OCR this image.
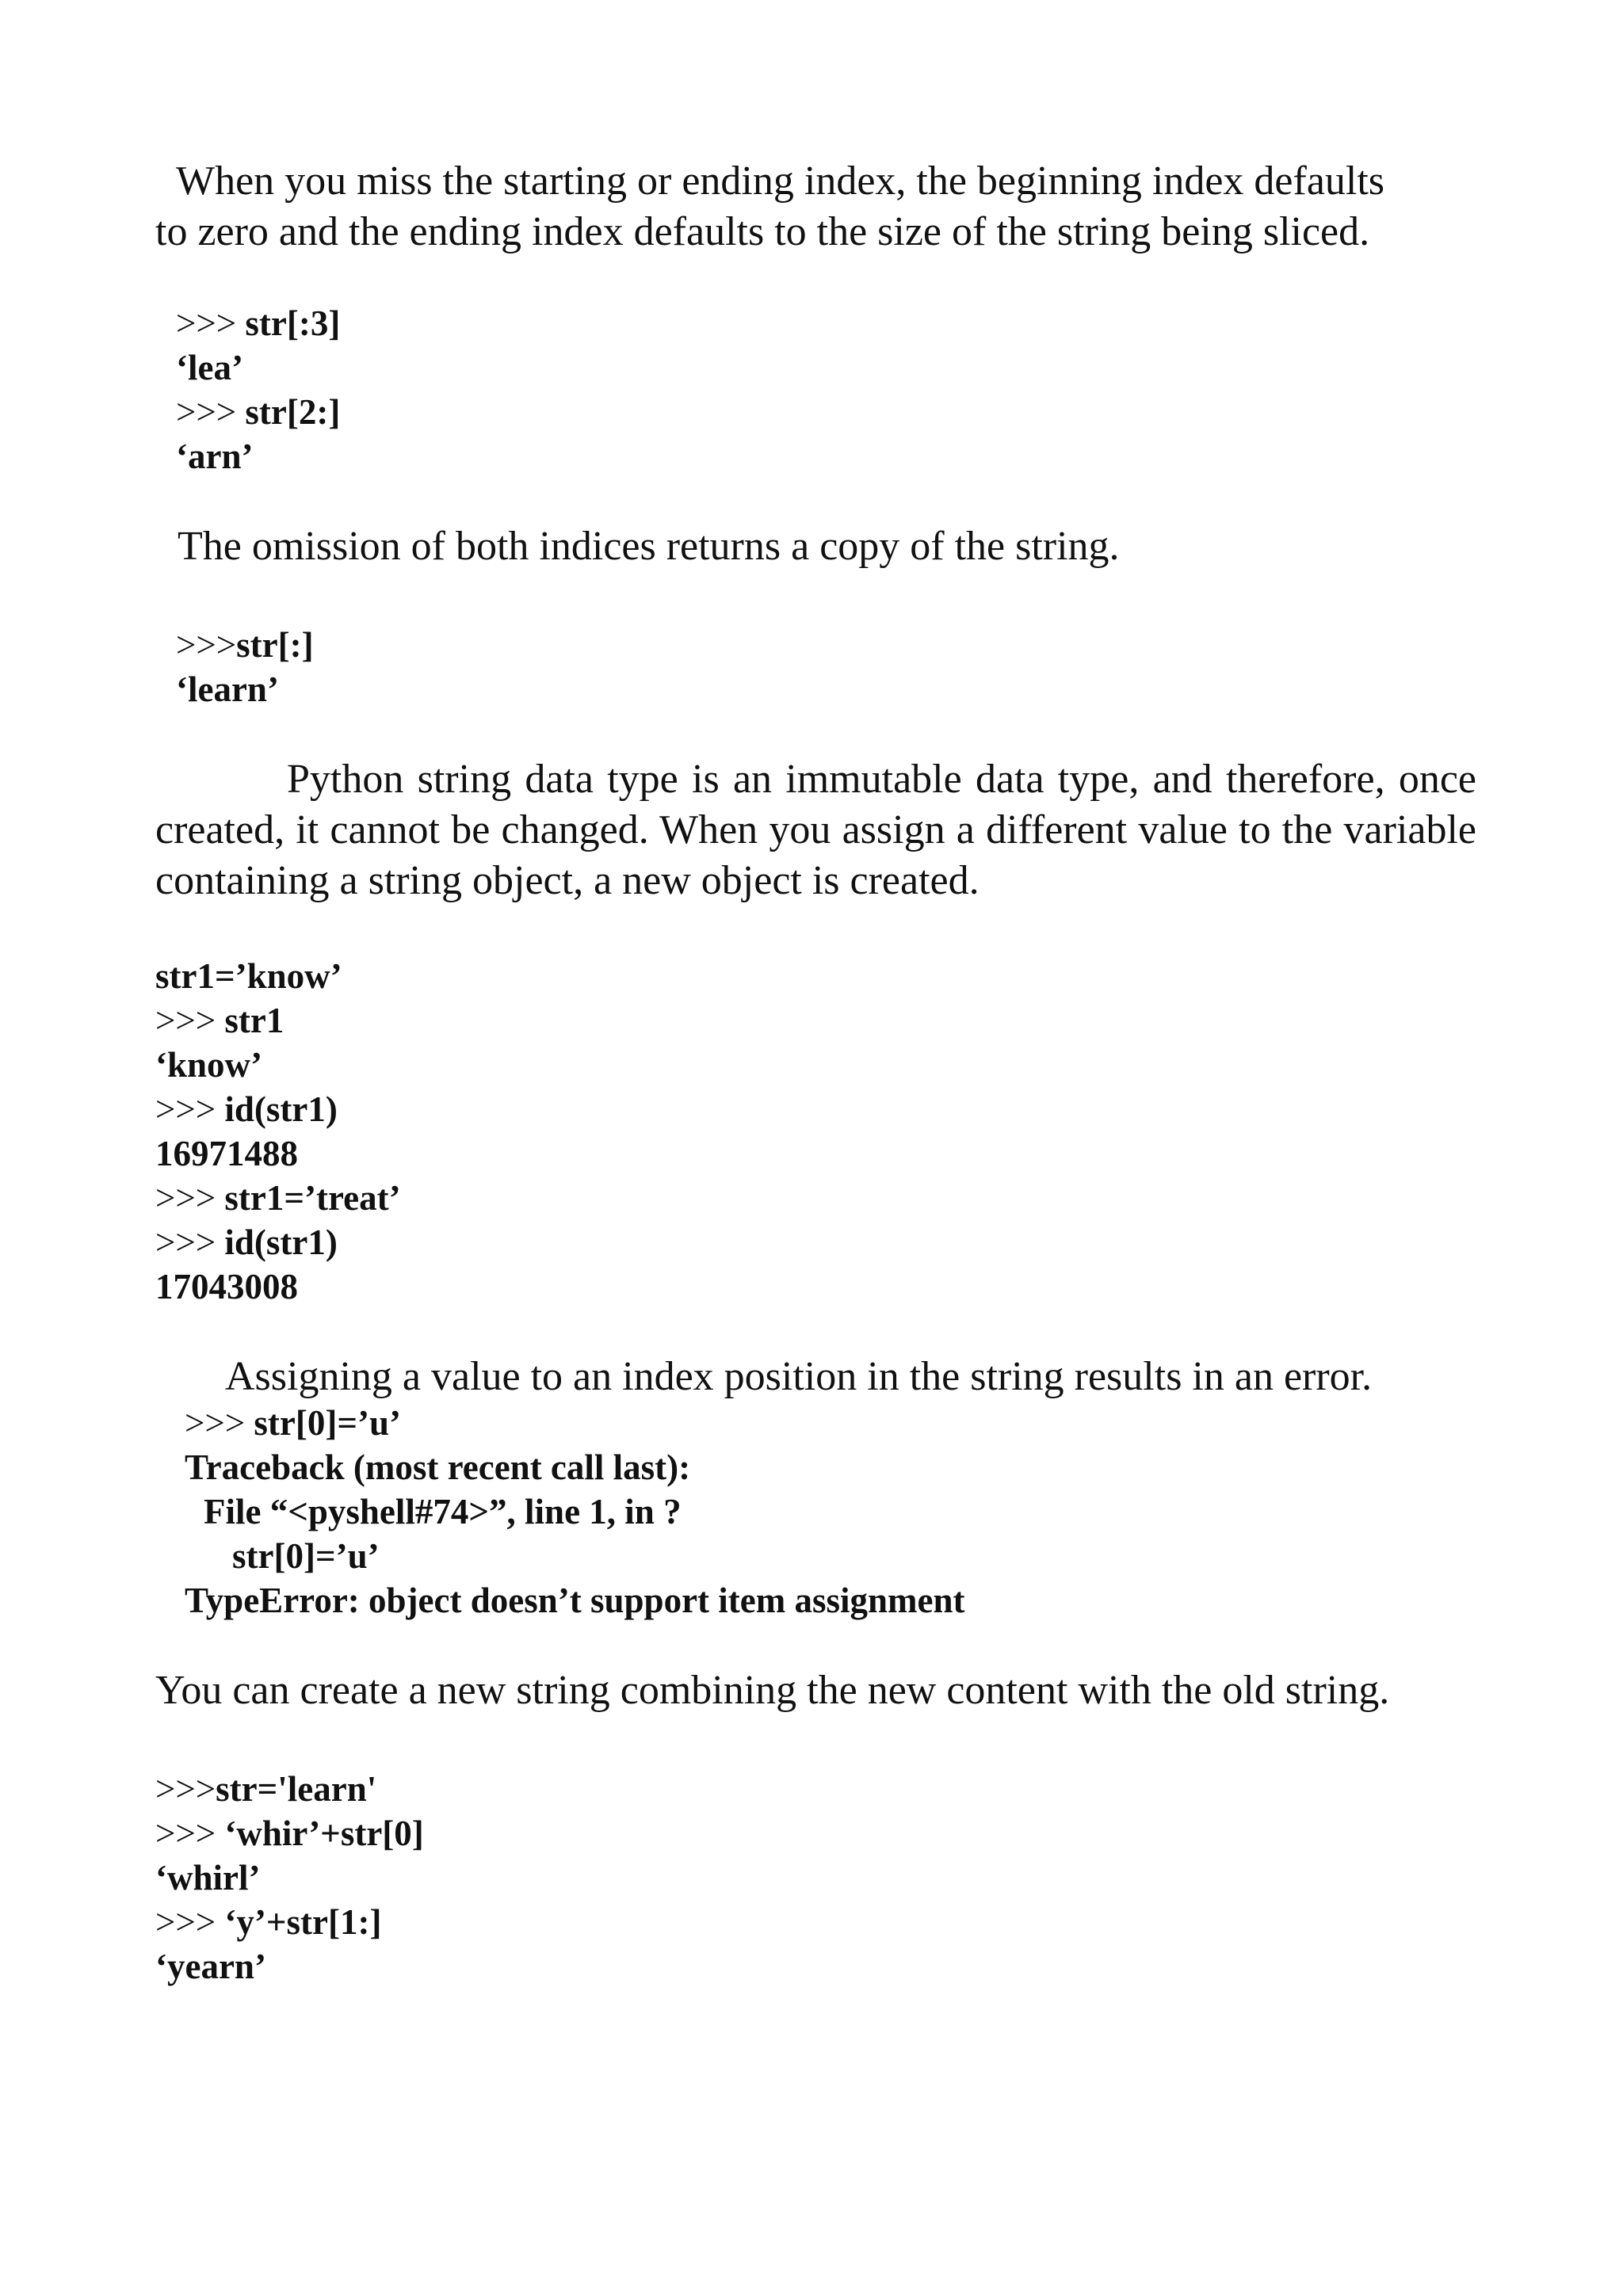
When you miss the starting or ending index, the beginning index defaults
to zero and the ending index defaults to the size of the string being sliced.
>>> str[:3]
‘lea’
>>> str[2:]
‘arn’
The omission of both indices returns a copy of the string.
>>>str[:]
‘learn’
Python string data type is an immutable data type, and therefore, once created, it cannot be changed. When you assign a different value to the variable containing a string object, a new object is created.
str1=’know’
>>> str1
‘know’
>>> id(str1)
16971488
>>> str1=’treat’
>>> id(str1)
17043008
Assigning a value to an index position in the string results in an error.
>>> str[0]=’u’
Traceback (most recent call last):
File “<pyshell#74>”, line 1, in ?
str[0]=’u’
TypeError: object doesn’t support item assignment
You can create a new string combining the new content with the old string.
>>>str='learn'
>>> ‘whir’+str[0]
‘whirl’
>>> ‘y’+str[1:]
‘yearn’
